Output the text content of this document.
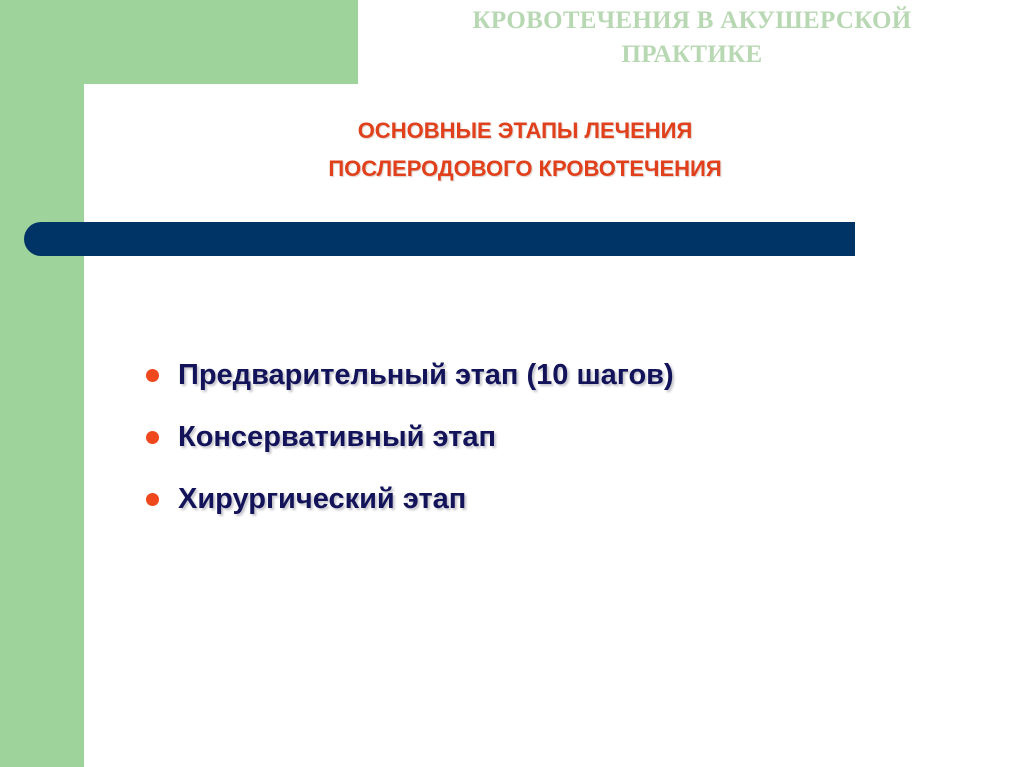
КРОВОТЕЧЕНИЯ В АКУШЕРСКОЙ
ПРАКТИКЕ
ОСНОВНЫЕ ЭТАПЫ ЛЕЧЕНИЯ
ПОСЛЕРОДОВОГО КРОВОТЕЧЕНИЯ
Предварительный этап (10 шагов)
Консервативный этап
Хирургический этап
